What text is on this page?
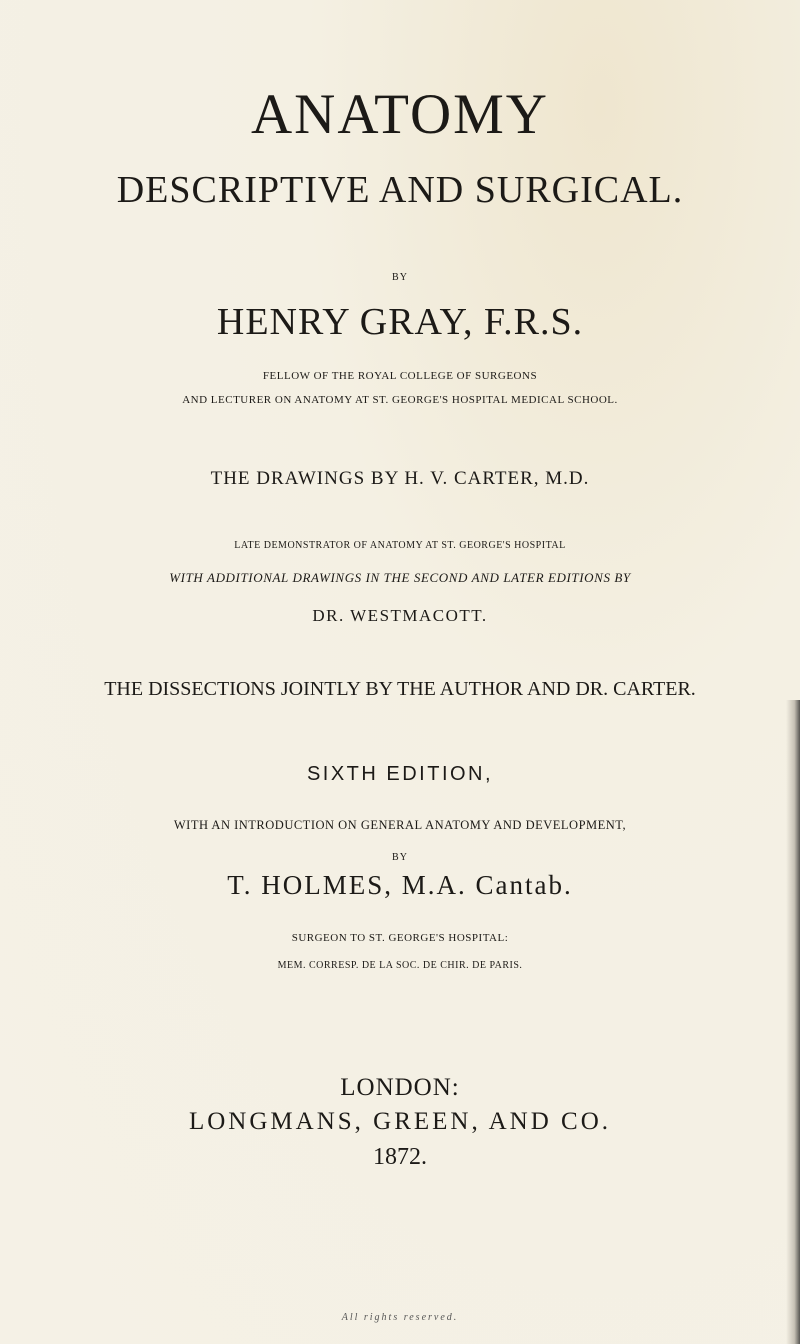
ANATOMY
DESCRIPTIVE AND SURGICAL.
BY
HENRY GRAY, F.R.S.
FELLOW OF THE ROYAL COLLEGE OF SURGEONS
AND LECTURER ON ANATOMY AT ST. GEORGE'S HOSPITAL MEDICAL SCHOOL.
THE DRAWINGS BY H. V. CARTER, M.D.
LATE DEMONSTRATOR OF ANATOMY AT ST. GEORGE'S HOSPITAL
WITH ADDITIONAL DRAWINGS IN THE SECOND AND LATER EDITIONS BY
DR. WESTMACOTT.
THE DISSECTIONS JOINTLY BY THE AUTHOR AND DR. CARTER.
SIXTH EDITION,
WITH AN INTRODUCTION ON GENERAL ANATOMY AND DEVELOPMENT,
BY
T. HOLMES, M.A. Cantab.
SURGEON TO ST. GEORGE'S HOSPITAL:
MEM. CORRESP. DE LA SOC. DE CHIR. DE PARIS.
LONDON:
LONGMANS, GREEN, AND CO.
1872.
All rights reserved.
